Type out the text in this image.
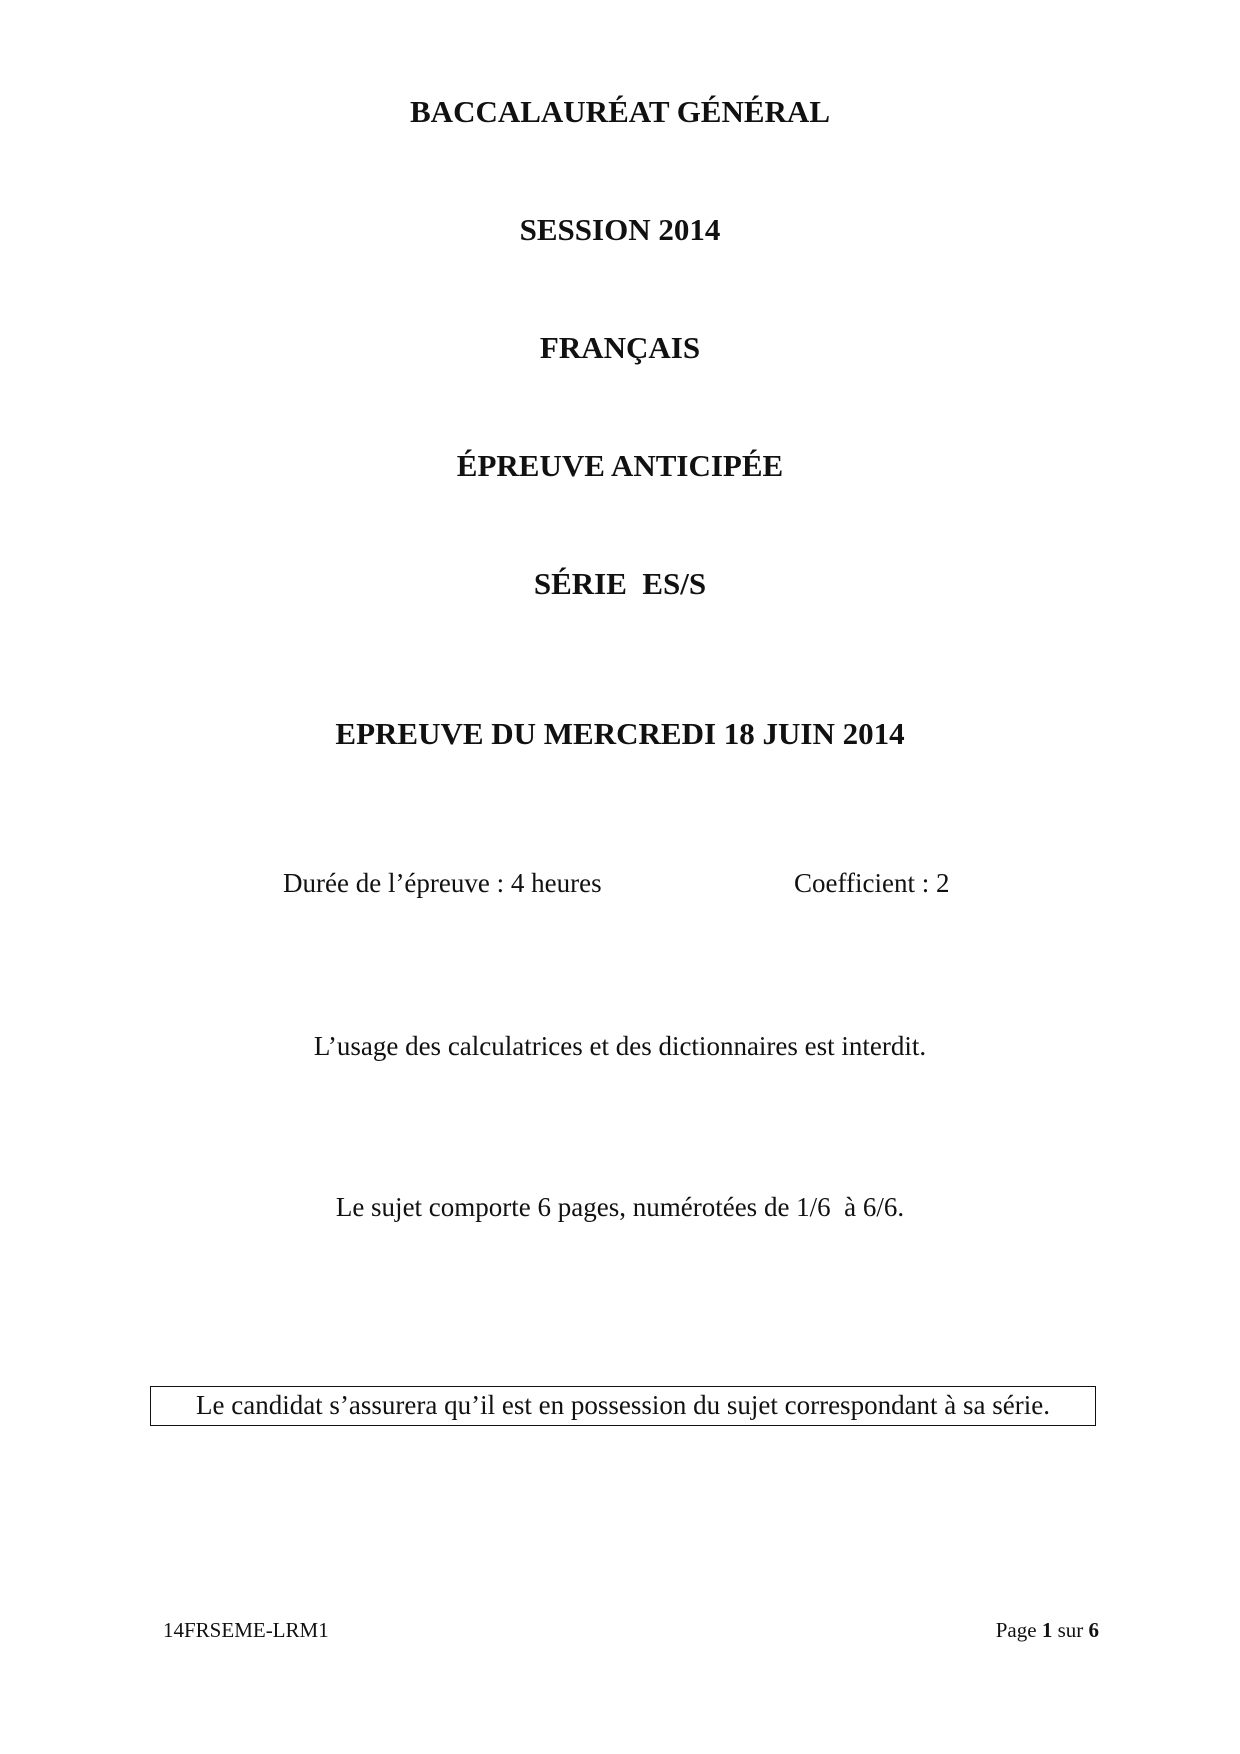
BACCALAURÉAT GÉNÉRAL
SESSION 2014
FRANÇAIS
ÉPREUVE ANTICIPÉE
SÉRIE  ES/S
EPREUVE DU MERCREDI 18 JUIN 2014
Durée de l’épreuve : 4 heures	Coefficient : 2
L’usage des calculatrices et des dictionnaires est interdit.
Le sujet comporte 6 pages, numérotées de 1/6  à 6/6.
Le candidat s’assurera qu’il est en possession du sujet correspondant à sa série.
14FRSEME-LRM1	Page 1 sur 6
